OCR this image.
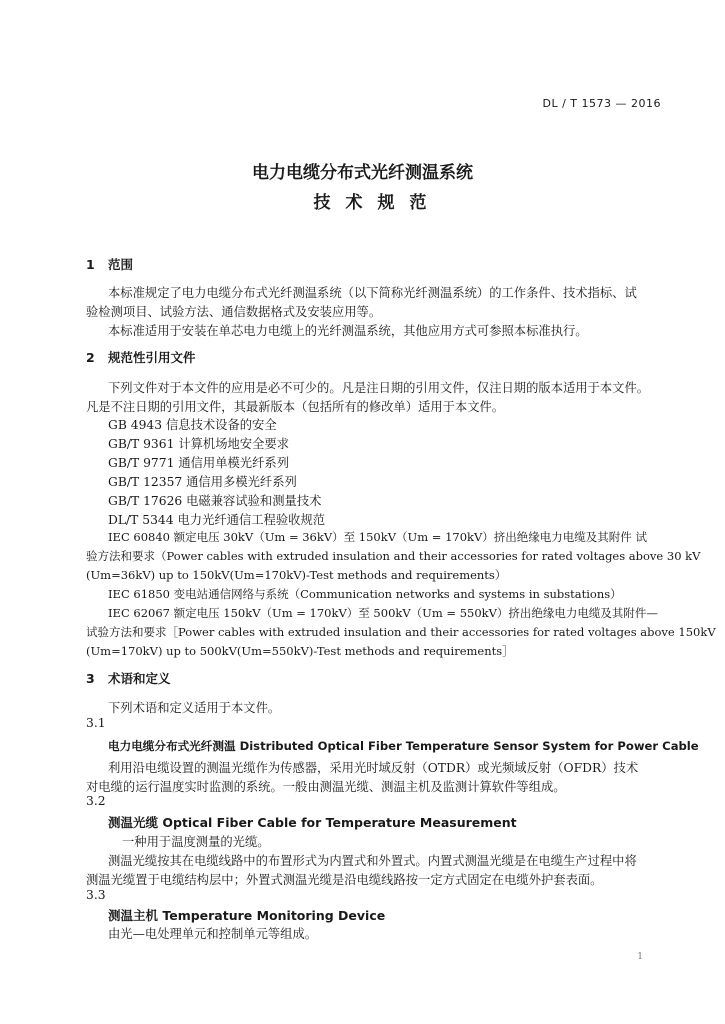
DL / T 1573 — 2016
电力电缆分布式光纤测温系统
技术规范
1 范围
本标准规定了电力电缆分布式光纤测温系统（以下简称光纤测温系统）的工作条件、技术指标、试
验检测项目、试验方法、通信数据格式及安装应用等。
本标准适用于安装在单芯电力电缆上的光纤测温系统，其他应用方式可参照本标准执行。
2 规范性引用文件
下列文件对于本文件的应用是必不可少的。凡是注日期的引用文件，仅注日期的版本适用于本文件。
凡是不注日期的引用文件，其最新版本（包括所有的修改单）适用于本文件。
GB 4943 信息技术设备的安全
GB/T 9361 计算机场地安全要求
GB/T 9771 通信用单模光纤系列
GB/T 12357 通信用多模光纤系列
GB/T 17626 电磁兼容试验和测量技术
DL/T 5344 电力光纤通信工程验收规范
IEC 60840 额定电压 30kV（Um = 36kV）至 150kV（Um = 170kV）挤出绝缘电力电缆及其附件 试
验方法和要求（Power cables with extruded insulation and their accessories for rated voltages above 30 kV
(Um=36kV) up to 150kV(Um=170kV)-Test methods and requirements）
IEC 61850 变电站通信网络与系统（Communication networks and systems in substations）
IEC 62067 额定电压 150kV（Um = 170kV）至 500kV（Um = 550kV）挤出绝缘电力电缆及其附件—
试验方法和要求［Power cables with extruded insulation and their accessories for rated voltages above 150kV
(Um=170kV) up to 500kV(Um=550kV)-Test methods and requirements］
3 术语和定义
下列术语和定义适用于本文件。
3.1
电力电缆分布式光纤测温 Distributed Optical Fiber Temperature Sensor System for Power Cable
利用沿电缆设置的测温光缆作为传感器，采用光时域反射（OTDR）或光频域反射（OFDR）技术
对电缆的运行温度实时监测的系统。一般由测温光缆、测温主机及监测计算软件等组成。
3.2
测温光缆 Optical Fiber Cable for Temperature Measurement
一种用于温度测量的光缆。
测温光缆按其在电缆线路中的布置形式为内置式和外置式。内置式测温光缆是在电缆生产过程中将
测温光缆置于电缆结构层中；外置式测温光缆是沿电缆线路按一定方式固定在电缆外护套表面。
3.3
测温主机 Temperature Monitoring Device
由光—电处理单元和控制单元等组成。
1
